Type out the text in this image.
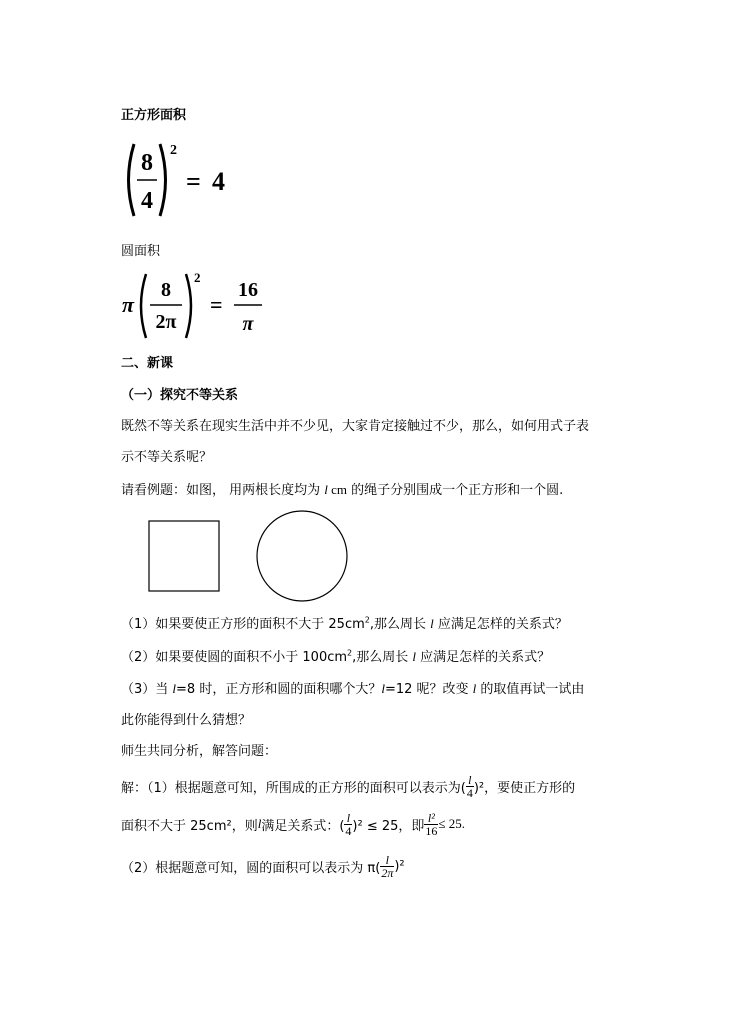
正方形面积
8
4
2
= 4
圆面积
π
8
2π
2
=
16
π
二、新课
（一）探究不等关系
既然不等关系在现实生活中并不少见，大家肯定接触过不少，那么，如何用式子表
示不等关系呢？
请看例题：如图， 用两根长度均为 l cm 的绳子分别围成一个正方形和一个圆.
（1）如果要使正方形的面积不大于 $25cm^2$,那么周长 l 应满足怎样的关系式？
（2）如果要使圆的面积不小于 $100cm^2$,那么周长 l 应满足怎样的关系式？
（3）当 l=8 时，正方形和圆的面积哪个大？l=12 呢？改变 l 的取值再试一试由
此你能得到什么猜想？
师生共同分析，解答问题：
解：（1）根据题意可知，所围成的正方形的面积可以表示为( $\frac{l}{4} )^2$，要使正方形的
面积不大于 25cm²，则 l 满足关系式：( $\frac{l}{4} )^2 \le 25$，即 $\frac{\text{l²}}{16} \le 25$.
（2）根据题意可知，圆的面积可以表示为 $\pi( \frac{l}{2\pi} )^2$
